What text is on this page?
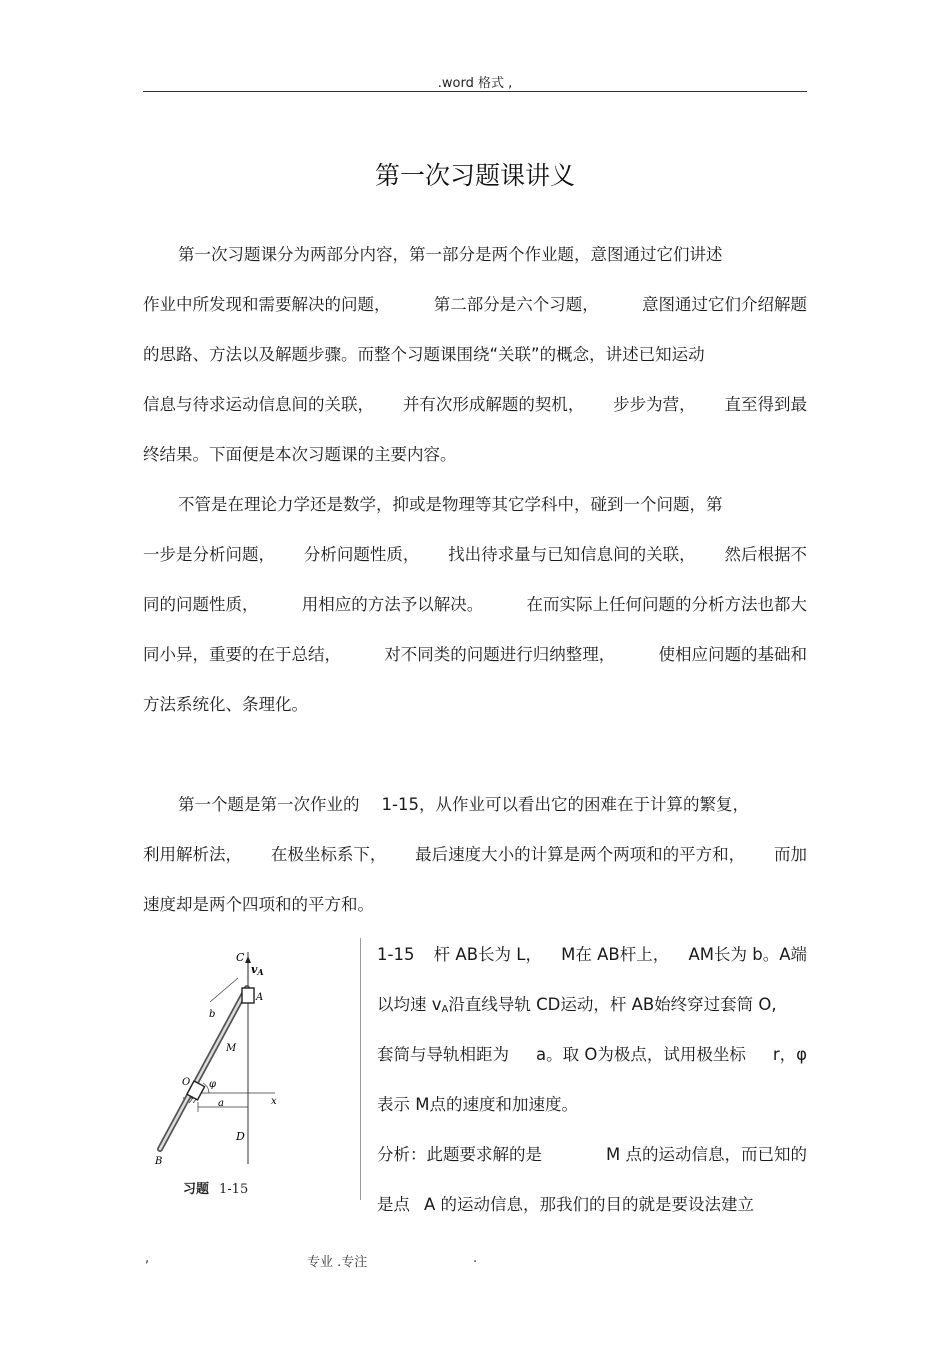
.word 格式 ,
第一次习题课讲义
第一次习题课分为两部分内容，第一部分是两个作业题，意图通过它们讲述
作业中所发现和需要解决的问题，	第二部分是六个习题，	意图通过它们介绍解题
的思路、方法以及解题步骤。而整个习题课围绕“关联”的概念，讲述已知运动
信息与待求运动信息间的关联， 并有次形成解题的契机， 步步为营， 直至得到最
终结果。下面便是本次习题课的主要内容。
不管是在理论力学还是数学，抑或是物理等其它学科中，碰到一个问题，第
一步是分析问题， 分析问题性质， 找出待求量与已知信息间的关联， 然后根据不
同的问题性质，	用相应的方法予以解决。	在而实际上任何问题的分析方法也都大
同小异，重要的在于总结，	对不同类的问题进行归纳整理，	使相应问题的基础和
方法系统化、条理化。
第一个题是第一次作业的 1-15，从作业可以看出它的困难在于计算的繁复，
利用解析法， 在极坐标系下， 最后速度大小的计算是两个两项和的平方和， 而加
速度却是两个四项和的平方和。
C
vA
A
b
M
O φ
x
a
D
B
习题 1-15
1-15 杆 AB长为 L， M在 AB杆上， AM长为 b。A端
以均速 $v_A$沿直线导轨 CD运动，杆 AB始终穿过套筒 O,
套筒与导轨相距为 a。取 O为极点，试用极坐标 r，φ
表示 M点的速度和加速度。
分析：此题要求解的是	M 点的运动信息，而已知的
是点 A 的运动信息，那我们的目的就是要设法建立
,	专业 .专注	.
